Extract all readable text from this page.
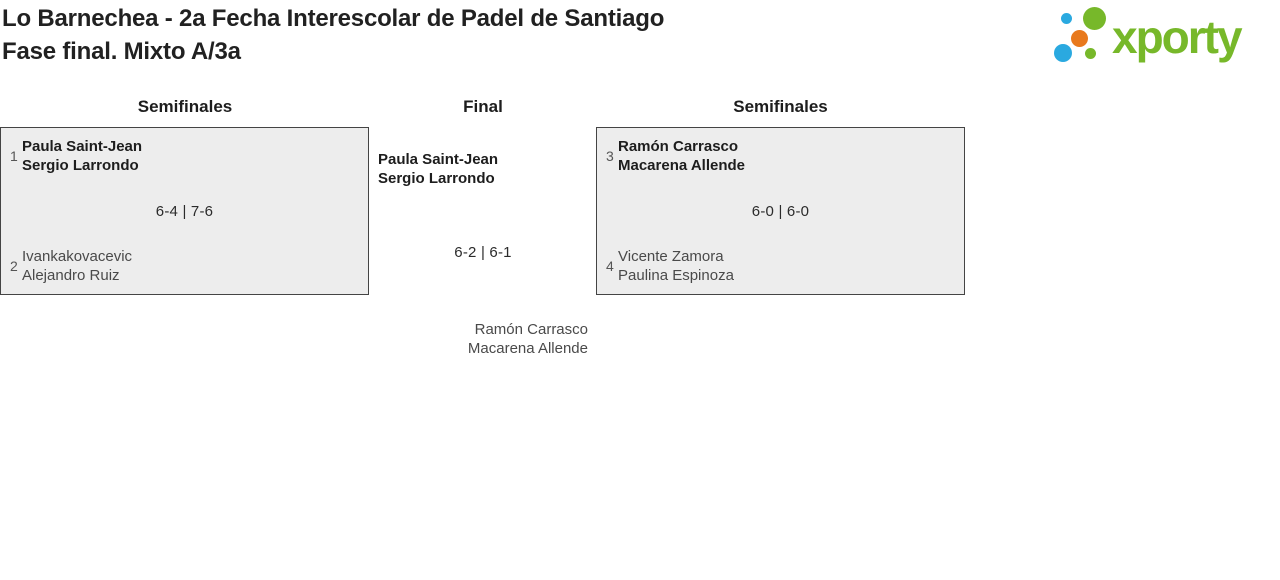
Lo Barnechea - 2a Fecha Interescolar de Padel de Santiago
Fase final. Mixto A/3a	xporty
Semifinales	Final	Semifinales
1
Paula Saint-Jean
Sergio Larrondo
6-4 | 7-6
2
Ivankakovacevic
Alejandro Ruiz
Paula Saint-Jean
Sergio Larrondo
6-2 | 6-1
Ramón Carrasco
Macarena Allende
3
Ramón Carrasco
Macarena Allende
6-0 | 6-0
4
Vicente Zamora
Paulina Espinoza
